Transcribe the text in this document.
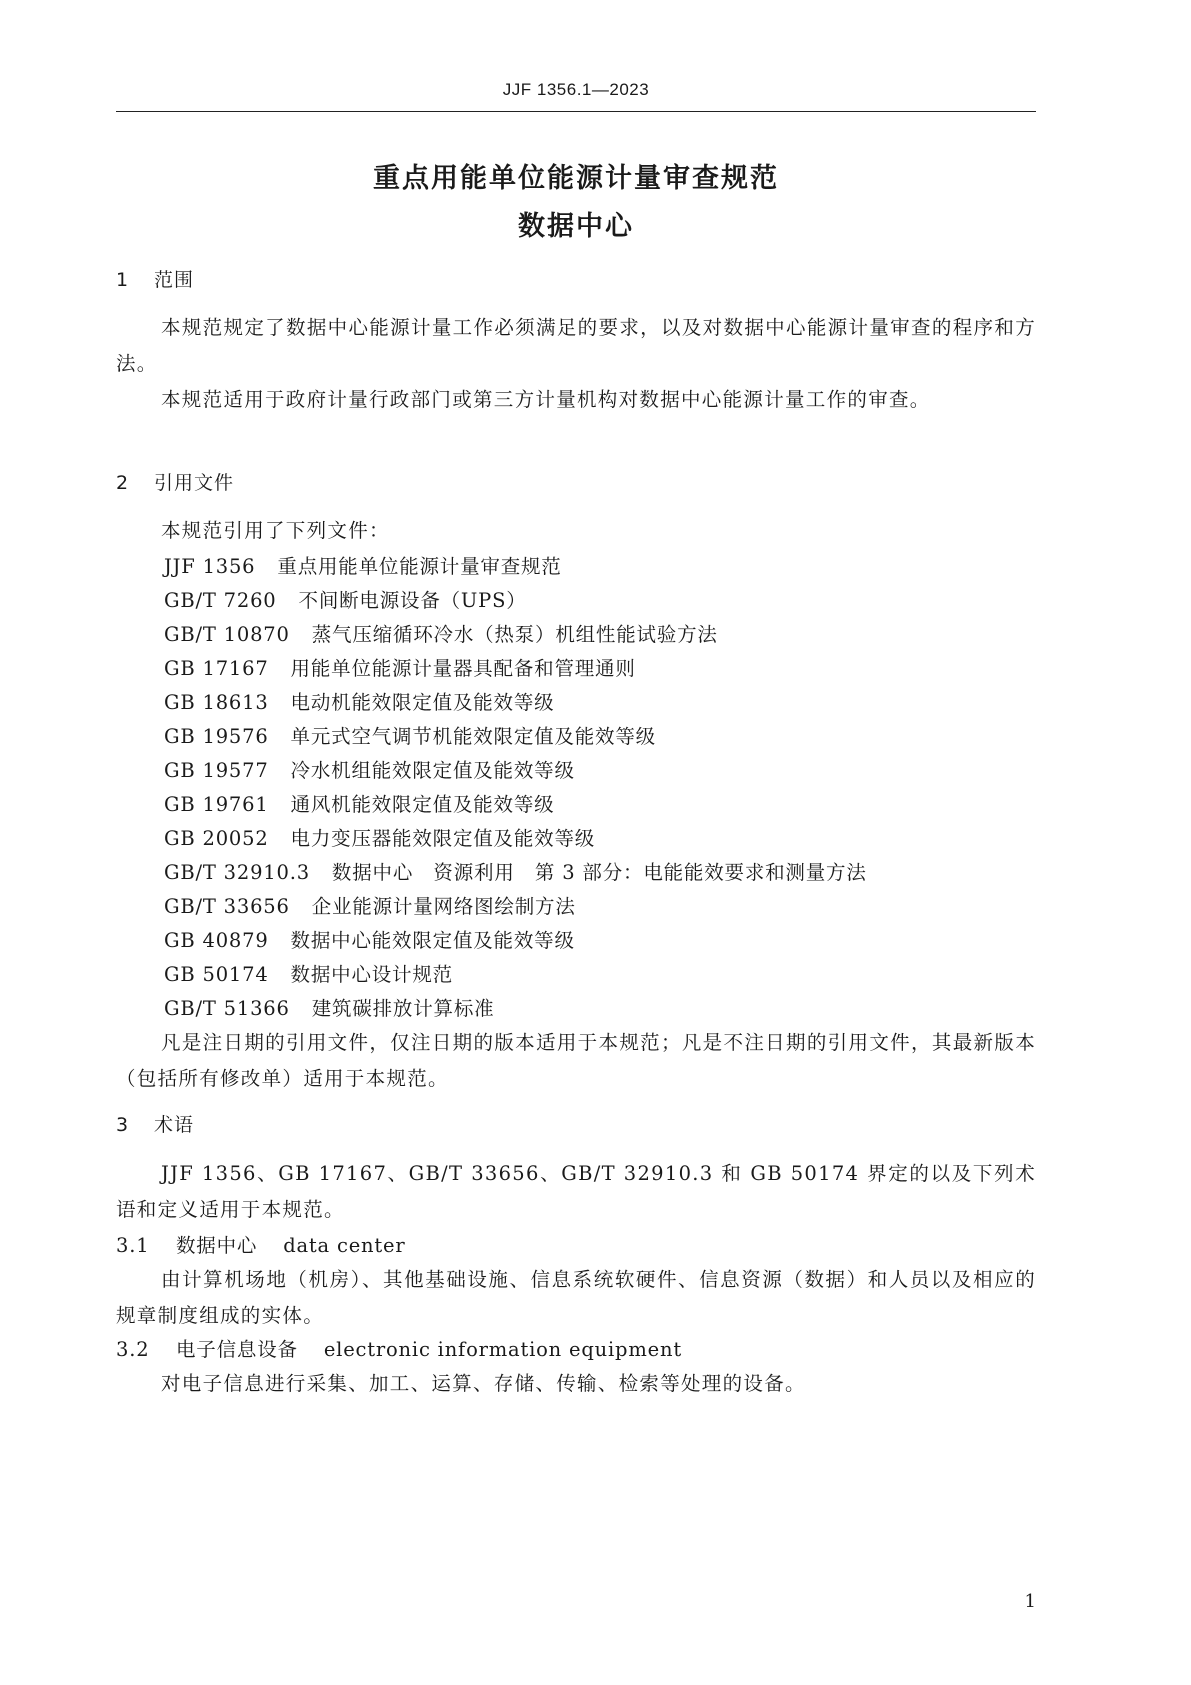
JJF 1356.1—2023
重点用能单位能源计量审查规范
数据中心
1 范围

本规范规定了数据中心能源计量工作必须满足的要求，以及对数据中心能源计量审查的程序和方法。

本规范适用于政府计量行政部门或第三方计量机构对数据中心能源计量工作的审查。

2 引用文件

本规范引用了下列文件：

JJF 1356 重点用能单位能源计量审查规范
GB/T 7260 不间断电源设备（UPS）
GB/T 10870 蒸气压缩循环冷水（热泵）机组性能试验方法
GB 17167 用能单位能源计量器具配备和管理通则
GB 18613 电动机能效限定值及能效等级
GB 19576 单元式空气调节机能效限定值及能效等级
GB 19577 冷水机组能效限定值及能效等级
GB 19761 通风机能效限定值及能效等级
GB 20052 电力变压器能效限定值及能效等级
GB/T 32910.3 数据中心　资源利用　第 3 部分：电能能效要求和测量方法
GB/T 33656 企业能源计量网络图绘制方法
GB 40879 数据中心能效限定值及能效等级
GB 50174 数据中心设计规范
GB/T 51366 建筑碳排放计算标准

凡是注日期的引用文件，仅注日期的版本适用于本规范；凡是不注日期的引用文件，其最新版本（包括所有修改单）适用于本规范。

3 术语

JJF 1356、GB 17167、GB/T 33656、GB/T 32910.3 和 GB 50174 界定的以及下列术语和定义适用于本规范。

3.1 数据中心 data center

由计算机场地（机房）、其他基础设施、信息系统软硬件、信息资源（数据）和人员以及相应的规章制度组成的实体。

3.2 电子信息设备 electronic information equipment

对电子信息进行采集、加工、运算、存储、传输、检索等处理的设备。

1
